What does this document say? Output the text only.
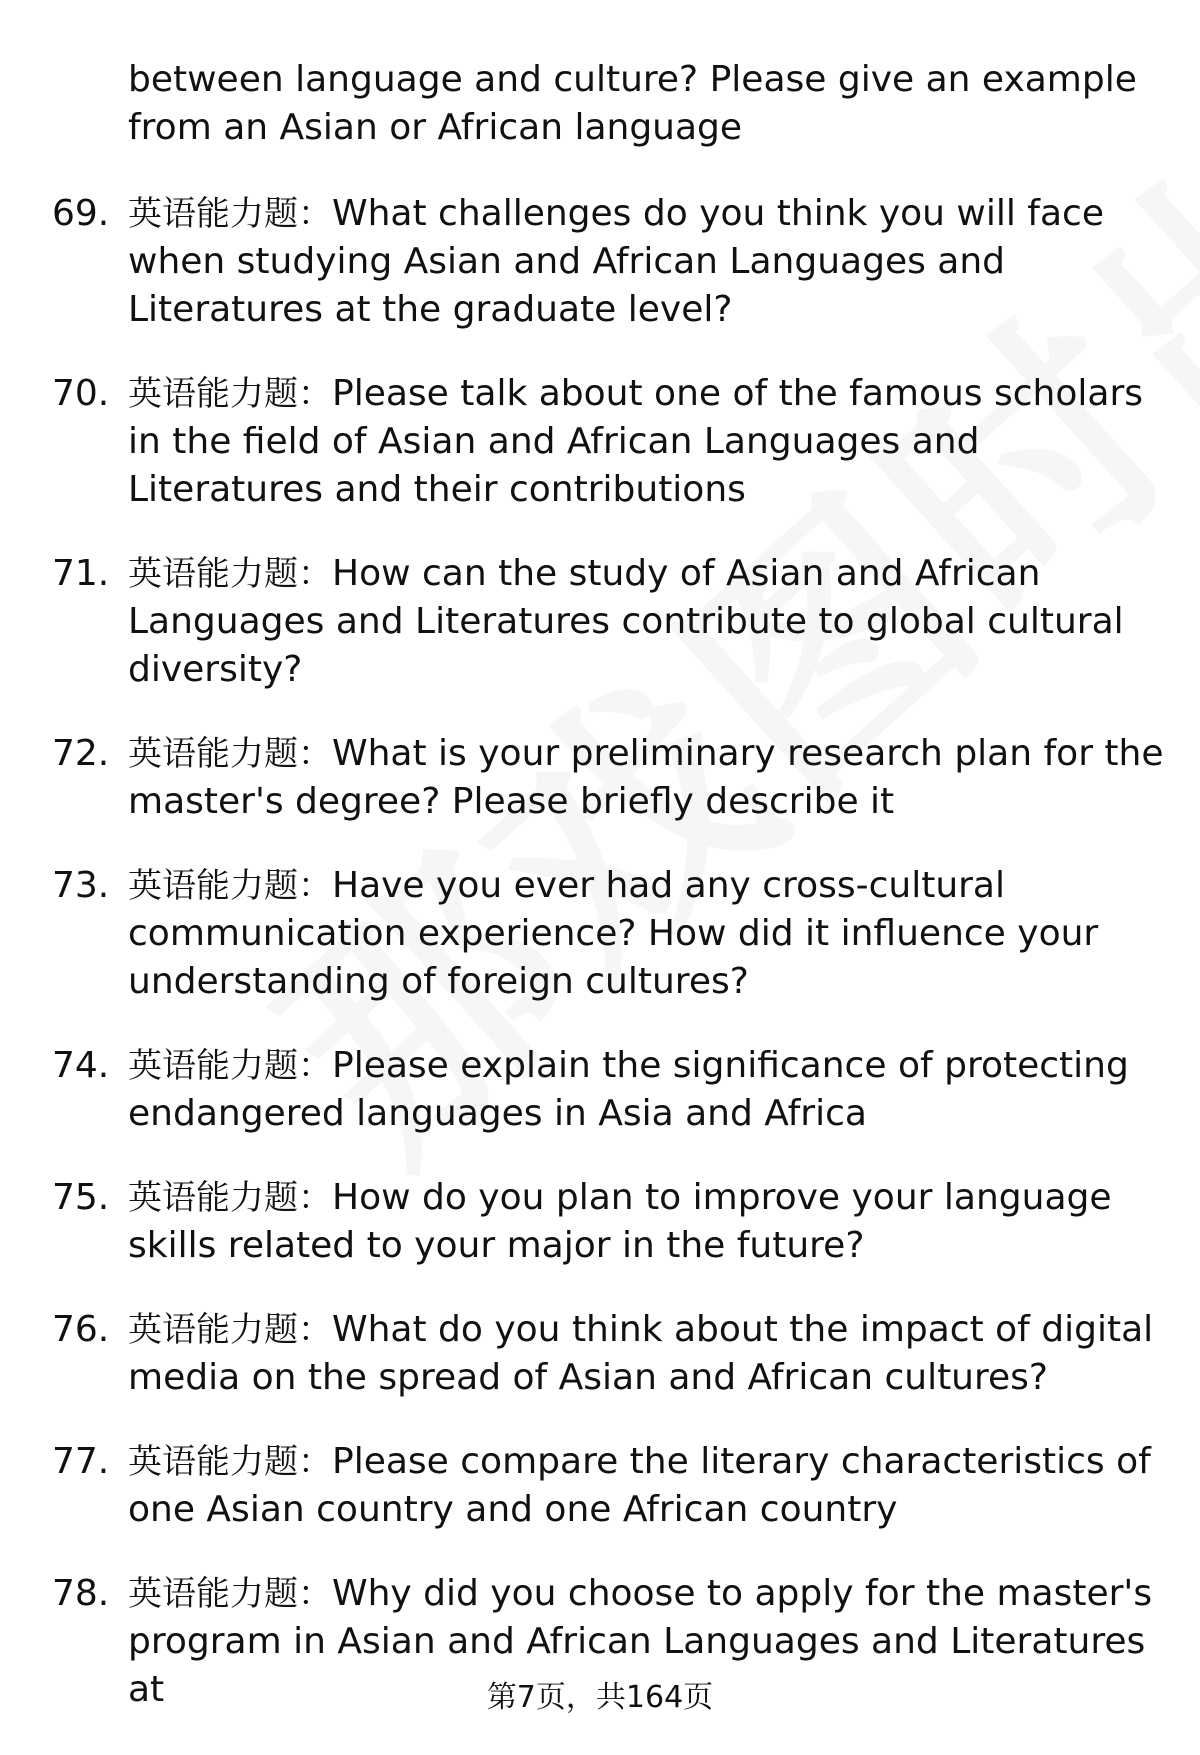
between language and culture? Please give an example from an Asian or African language
69. 英语能力题：What challenges do you think you will face when studying Asian and African Languages and Literatures at the graduate level?
70. 英语能力题：Please talk about one of the famous scholars in the field of Asian and African Languages and Literatures and their contributions
71. 英语能力题：How can the study of Asian and African Languages and Literatures contribute to global cultural diversity?
72. 英语能力题：What is your preliminary research plan for the master's degree? Please briefly describe it
73. 英语能力题：Have you ever had any cross-cultural communication experience? How did it influence your understanding of foreign cultures?
74. 英语能力题：Please explain the significance of protecting endangered languages in Asia and Africa
75. 英语能力题：How do you plan to improve your language skills related to your major in the future?
76. 英语能力题：What do you think about the impact of digital media on the spread of Asian and African cultures?
77. 英语能力题：Please compare the literary characteristics of one Asian country and one African country
78. 英语能力题：Why did you choose to apply for the master's program in Asian and African Languages and Literatures at	第7页，共164页
